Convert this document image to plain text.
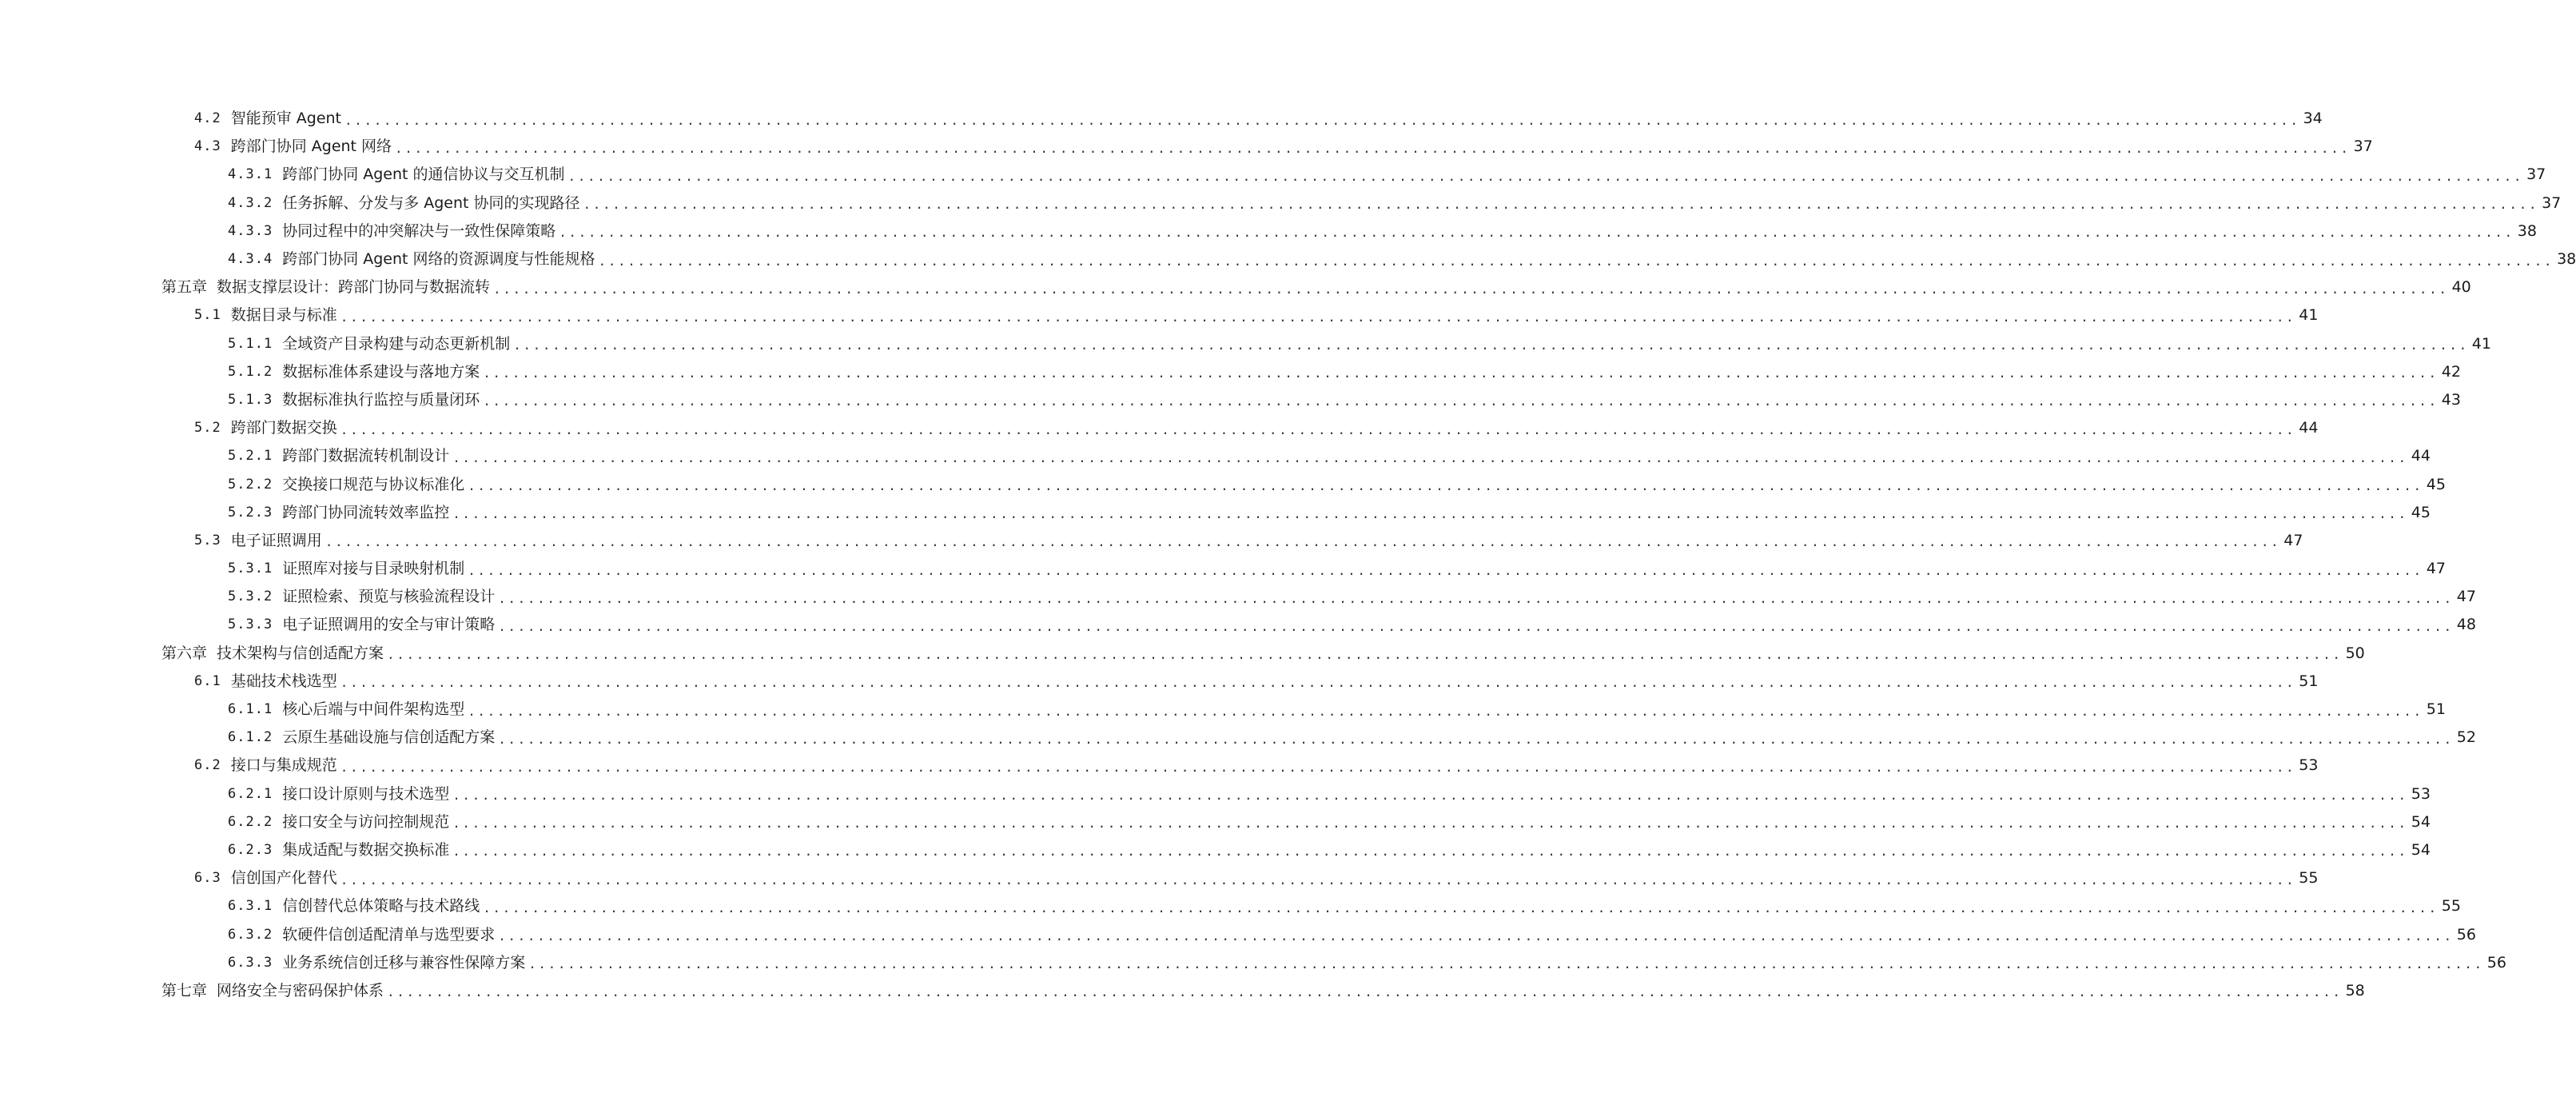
4.2 智能预审 Agent ........................................................................................................................................................................................................ 34
4.3 跨部门协同 Agent 网络 ........................................................................................................................................................................................................ 37
4.3.1 跨部门协同 Agent 的通信协议与交互机制 ........................................................................................................................................................................................................ 37
4.3.2 任务拆解、分发与多 Agent 协同的实现路径 ........................................................................................................................................................................................................ 37
4.3.3 协同过程中的冲突解决与一致性保障策略 ........................................................................................................................................................................................................ 38
4.3.4 跨部门协同 Agent 网络的资源调度与性能规格 ........................................................................................................................................................................................................ 38
第五章 数据支撑层设计：跨部门协同与数据流转 ........................................................................................................................................................................................................ 40
5.1 数据目录与标准 ........................................................................................................................................................................................................ 41
5.1.1 全域资产目录构建与动态更新机制 ........................................................................................................................................................................................................ 41
5.1.2 数据标准体系建设与落地方案 ........................................................................................................................................................................................................ 42
5.1.3 数据标准执行监控与质量闭环 ........................................................................................................................................................................................................ 43
5.2 跨部门数据交换 ........................................................................................................................................................................................................ 44
5.2.1 跨部门数据流转机制设计 ........................................................................................................................................................................................................ 44
5.2.2 交换接口规范与协议标准化 ........................................................................................................................................................................................................ 45
5.2.3 跨部门协同流转效率监控 ........................................................................................................................................................................................................ 45
5.3 电子证照调用 ........................................................................................................................................................................................................ 47
5.3.1 证照库对接与目录映射机制 ........................................................................................................................................................................................................ 47
5.3.2 证照检索、预览与核验流程设计 ........................................................................................................................................................................................................ 47
5.3.3 电子证照调用的安全与审计策略 ........................................................................................................................................................................................................ 48
第六章 技术架构与信创适配方案 ........................................................................................................................................................................................................ 50
6.1 基础技术栈选型 ........................................................................................................................................................................................................ 51
6.1.1 核心后端与中间件架构选型 ........................................................................................................................................................................................................ 51
6.1.2 云原生基础设施与信创适配方案 ........................................................................................................................................................................................................ 52
6.2 接口与集成规范 ........................................................................................................................................................................................................ 53
6.2.1 接口设计原则与技术选型 ........................................................................................................................................................................................................ 53
6.2.2 接口安全与访问控制规范 ........................................................................................................................................................................................................ 54
6.2.3 集成适配与数据交换标准 ........................................................................................................................................................................................................ 54
6.3 信创国产化替代 ........................................................................................................................................................................................................ 55
6.3.1 信创替代总体策略与技术路线 ........................................................................................................................................................................................................ 55
6.3.2 软硬件信创适配清单与选型要求 ........................................................................................................................................................................................................ 56
6.3.3 业务系统信创迁移与兼容性保障方案 ........................................................................................................................................................................................................ 56
第七章 网络安全与密码保护体系 ........................................................................................................................................................................................................ 58
